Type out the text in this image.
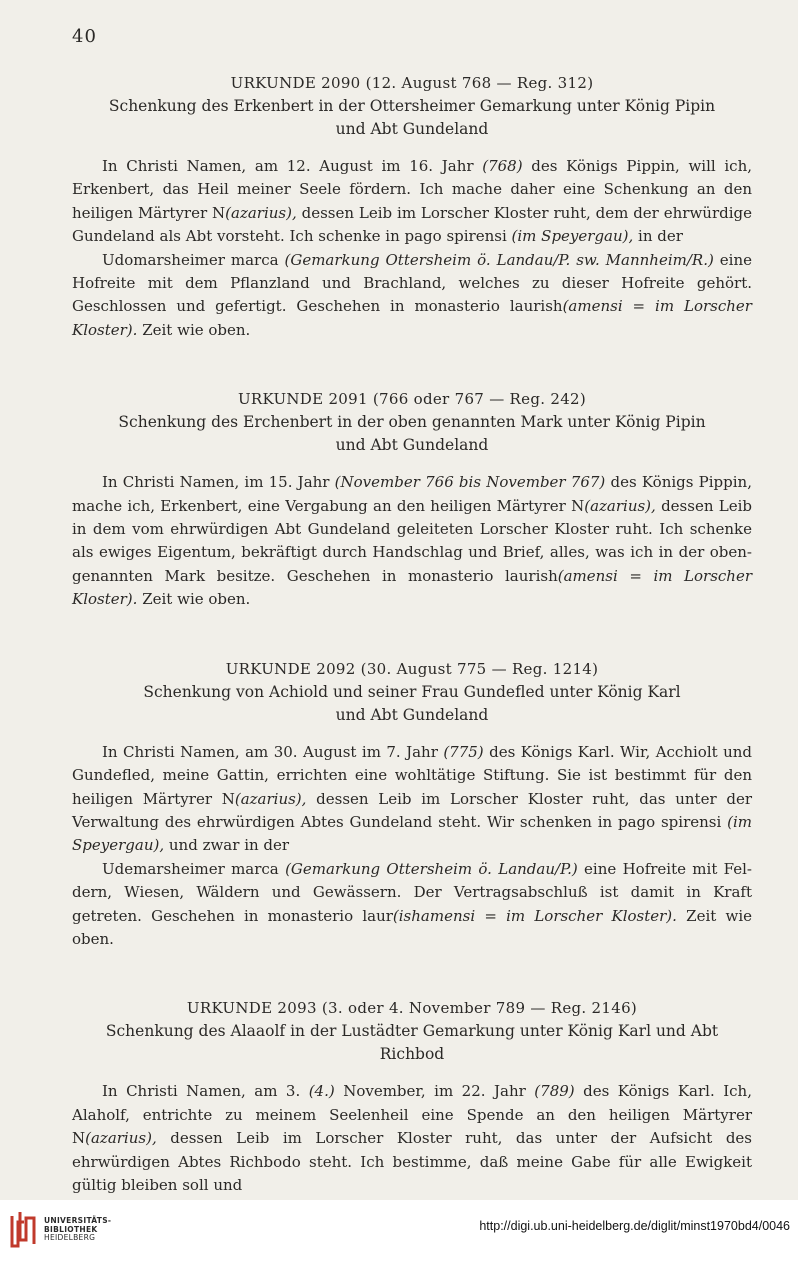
40
URKUNDE 2090 (12. August 768 — Reg. 312)
Schenkung des Erkenbert in der Ottersheimer Gemarkung unter König Pipin
und Abt Gundeland

In Christi Namen, am 12. August im 16. Jahr (768) des Königs Pippin, will ich, Erkenbert, das Heil meiner Seele fördern. Ich mache daher eine Schenkung an den heiligen Märtyrer N(azarius), dessen Leib im Lorscher Kloster ruht, dem der ehrwürdige Gundeland als Abt vorsteht. Ich schenke in pago spirensi (im Speyergau), in der

Udomarsheimer marca (Gemarkung Ottersheim ö. Landau/P. sw. Mannheim/R.) eine Hofreite mit dem Pflanzland und Brachland, welches zu dieser Hofreite gehört. Geschlossen und gefertigt. Geschehen in monasterio laurish(amensi = im Lorscher Kloster). Zeit wie oben.

URKUNDE 2091 (766 oder 767 — Reg. 242)
Schenkung des Erchenbert in der oben genannten Mark unter König Pipin
und Abt Gundeland

In Christi Namen, im 15. Jahr (November 766 bis November 767) des Königs Pippin, mache ich, Erkenbert, eine Vergabung an den heiligen Märtyrer N(azarius), dessen Leib in dem vom ehrwürdigen Abt Gundeland geleiteten Lorscher Kloster ruht. Ich schenke als ewiges Eigentum, bekräftigt durch Handschlag und Brief, alles, was ich in der obengenannten Mark besitze. Geschehen in monasterio laurish(amensi = im Lorscher Kloster). Zeit wie oben.

URKUNDE 2092 (30. August 775 — Reg. 1214)
Schenkung von Achiold und seiner Frau Gundefled unter König Karl
und Abt Gundeland

In Christi Namen, am 30. August im 7. Jahr (775) des Königs Karl. Wir, Acchiolt und Gundefled, meine Gattin, errichten eine wohltätige Stiftung. Sie ist bestimmt für den heiligen Märtyrer N(azarius), dessen Leib im Lorscher Kloster ruht, das unter der Verwaltung des ehrwürdigen Abtes Gundeland steht. Wir schenken in pago spirensi (im Speyergau), und zwar in der

Udemarsheimer marca (Gemarkung Ottersheim ö. Landau/P.) eine Hofreite mit Feldern, Wiesen, Wäldern und Gewässern. Der Vertragsabschluß ist damit in Kraft getreten. Geschehen in monasterio laur(ishamensi = im Lorscher Kloster). Zeit wie oben.

URKUNDE 2093 (3. oder 4. November 789 — Reg. 2146)
Schenkung des Alaaolf in der Lustädter Gemarkung unter König Karl und Abt Richbod

In Christi Namen, am 3. (4.) November, im 22. Jahr (789) des Königs Karl. Ich, Alaholf, entrichte zu meinem Seelenheil eine Spende an den heiligen Märtyrer N(azarius), dessen Leib im Lorscher Kloster ruht, das unter der Aufsicht des ehrwürdigen Abtes Richbodo steht. Ich bestimme, daß meine Gabe für alle Ewigkeit gültig bleiben soll und

UNIVERSITÄTS-
BIBLIOTHEK
HEIDELBERG
http://digi.ub.uni-heidelberg.de/diglit/minst1970bd4/0046
